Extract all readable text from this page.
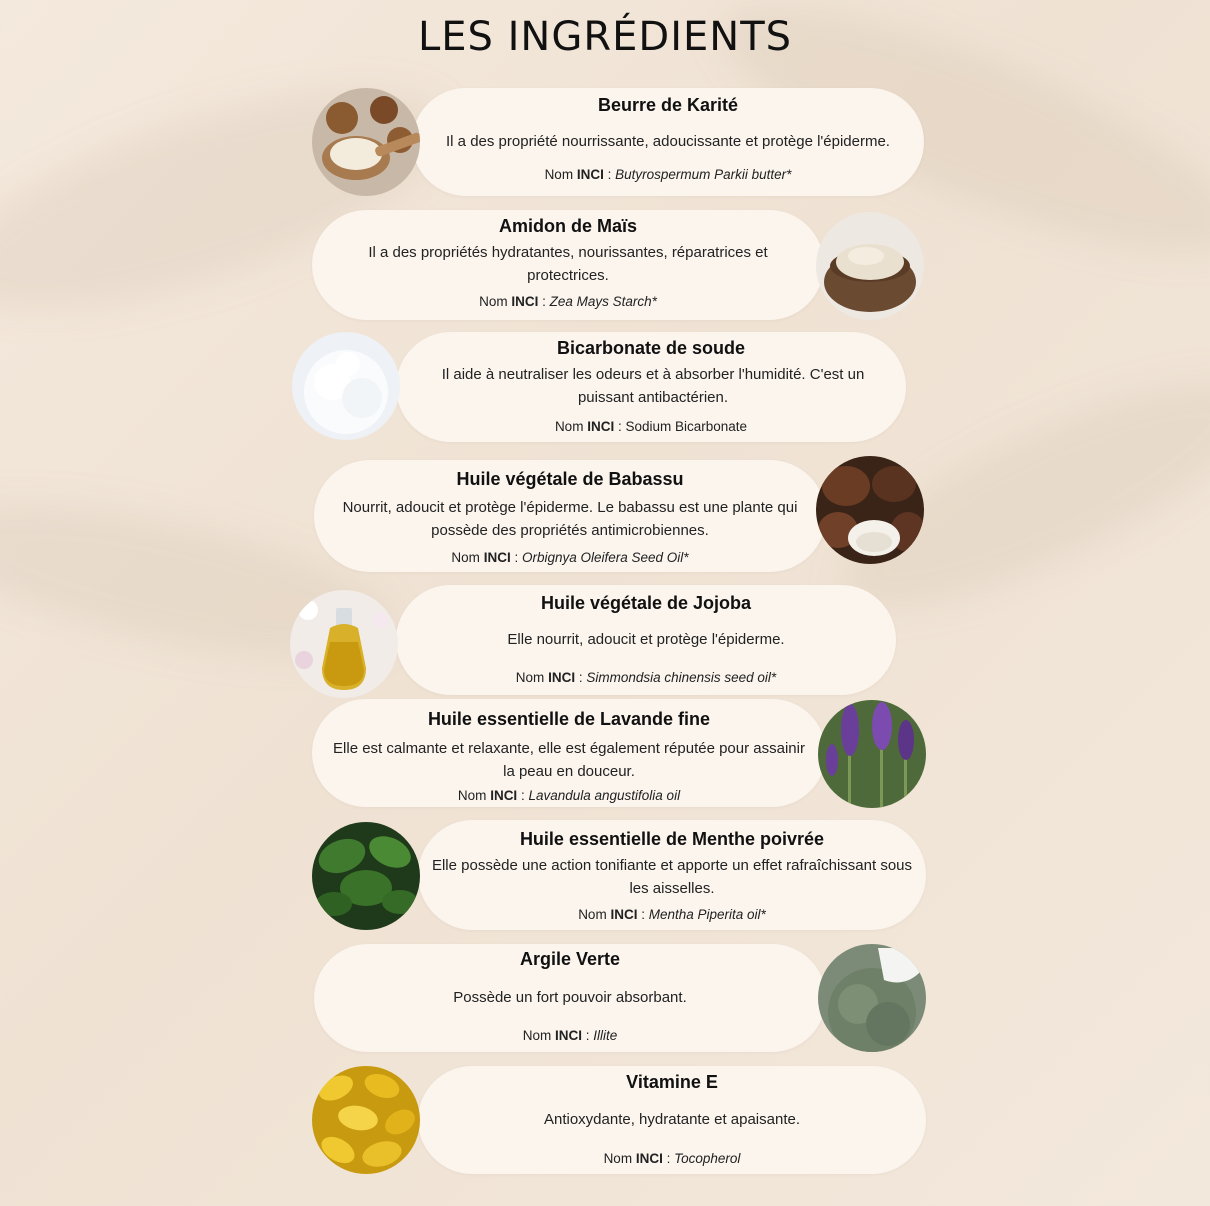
LES INGRÉDIENTS
Beurre de Karité
Il a des propriété nourrissante, adoucissante et protège l'épiderme.
Nom INCI : Butyrospermum Parkii butter*
Amidon de Maïs
Il a des propriétés hydratantes, nourissantes, réparatrices et protectrices.
Nom INCI : Zea Mays Starch*
Bicarbonate de soude
Il aide à neutraliser les odeurs et à absorber l'humidité. C'est un puissant antibactérien.
Nom INCI : Sodium Bicarbonate
Huile végétale de Babassu
Nourrit, adoucit et protège l'épiderme. Le babassu est une plante qui possède des propriétés antimicrobiennes.
Nom INCI : Orbignya Oleifera Seed Oil*
Huile végétale de Jojoba
Elle nourrit, adoucit et protège l'épiderme.
Nom INCI : Simmondsia chinensis seed oil*
Huile essentielle de Lavande fine
Elle est calmante et relaxante, elle est également réputée pour assainir la peau en douceur.
Nom INCI : Lavandula angustifolia oil
Huile essentielle de Menthe poivrée
Elle possède une action tonifiante et apporte un effet rafraîchissant sous les aisselles.
Nom INCI : Mentha Piperita oil*
Argile Verte
Possède un fort pouvoir absorbant.
Nom INCI : Illite
Vitamine E
Antioxydante, hydratante et apaisante.
Nom INCI : Tocopherol
